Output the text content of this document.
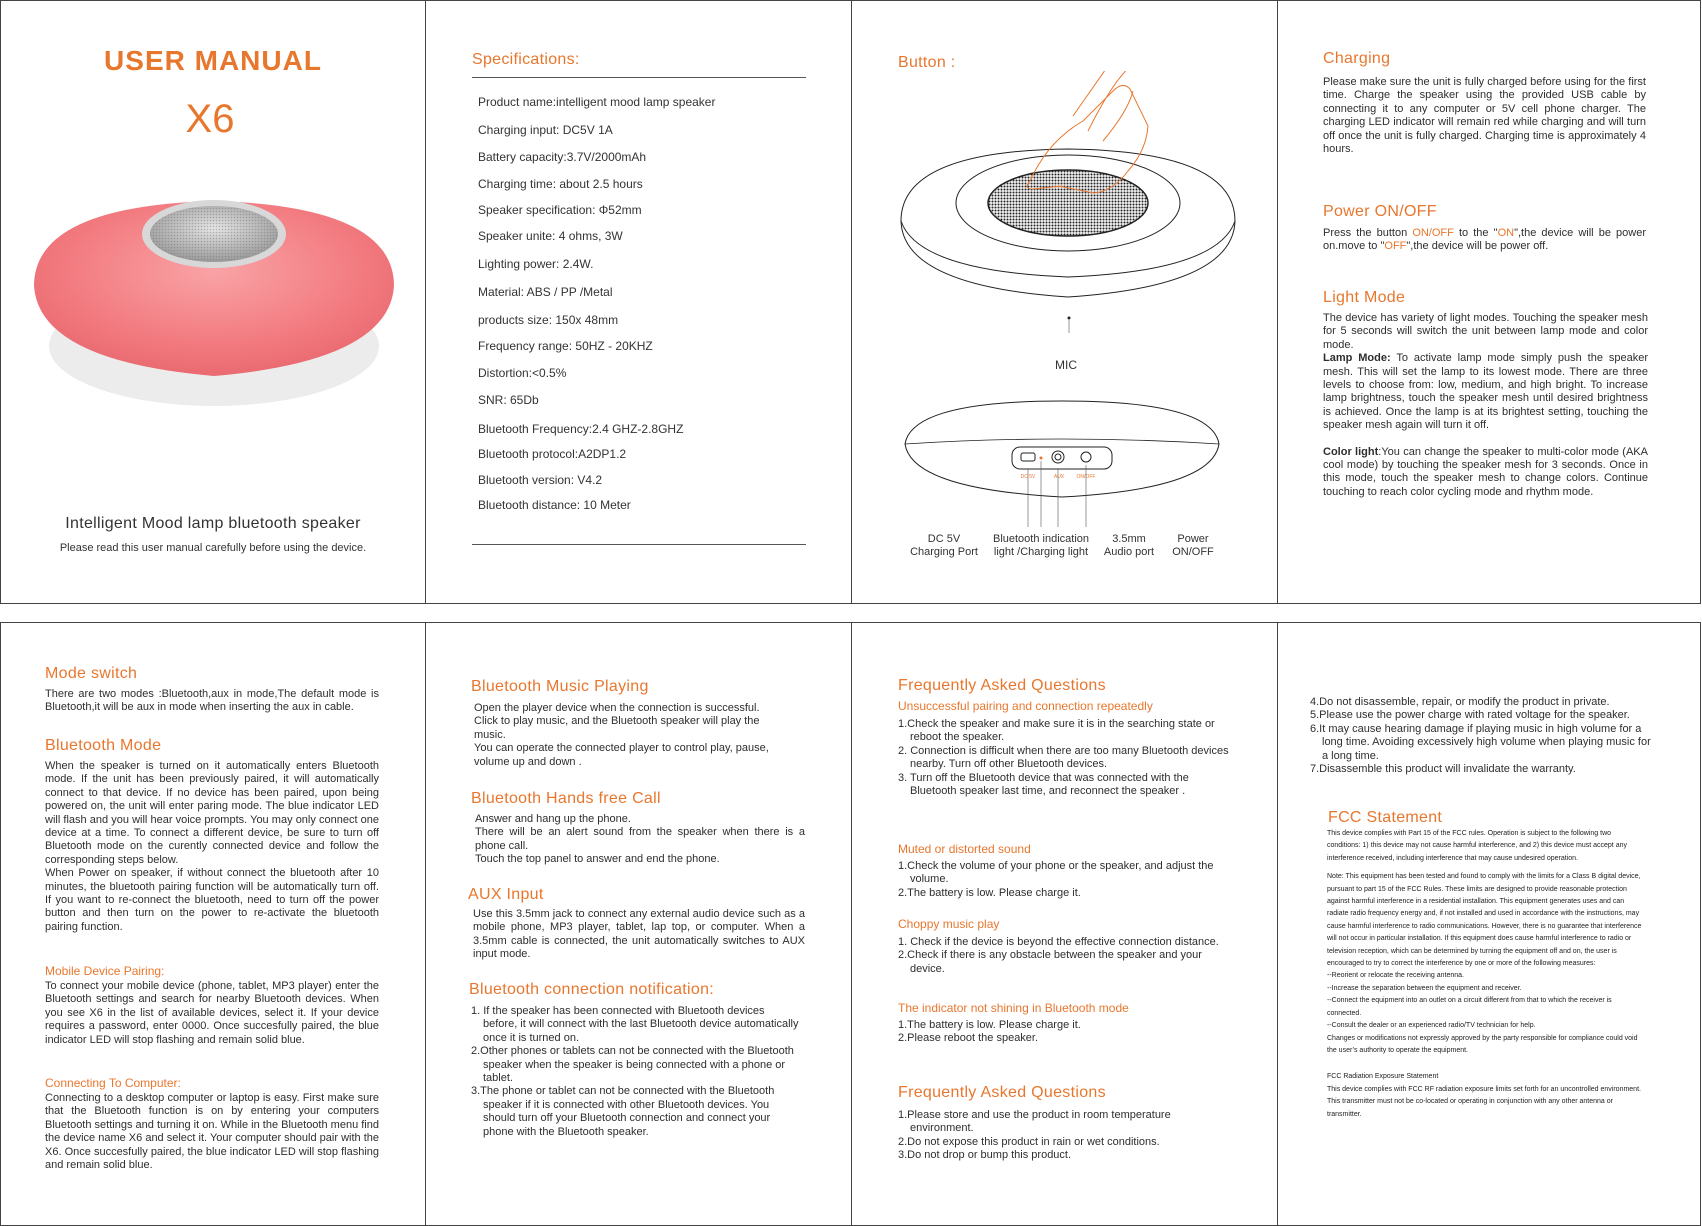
USER MANUAL
X6
Intelligent Mood lamp bluetooth speaker
Please read this user manual carefully before using the device.
Specifications:
Product name:intelligent mood lamp speaker
Charging input: DC5V 1A
Battery capacity:3.7V/2000mAh
Charging time: about 2.5 hours
Speaker specification: Φ52mm
Speaker unite: 4 ohms, 3W
Lighting power: 2.4W.
Material: ABS / PP /Metal
products size: 150x 48mm
Frequency range: 50HZ - 20KHZ
Distortion:<0.5%
SNR: 65Db
Bluetooth Frequency:2.4 GHZ-2.8GHZ
Bluetooth protocol:A2DP1.2
Bluetooth version: V4.2
Bluetooth distance: 10 Meter
Button :
MIC
DC 5V	AUX ON/OFF
DC 5V
Charging Port
Bluetooth indication
light /Charging light
3.5mm
Audio port
Power
ON/OFF
Charging
Please make sure the unit is fully charged before using for the first time. Charge the speaker using the provided USB cable by connecting it to any computer or 5V cell phone charger. The charging LED indicator will remain red while charging and will turn off once the unit is fully charged. Charging time is approximately 4 hours.
Power ON/OFF
Press the button ON/OFF to the "ON",the device will be power on.move to "OFF",the device will be power off.
Light Mode
The device has variety of light modes. Touching the speaker mesh for 5 seconds will switch the unit between lamp mode and color mode.
Lamp Mode: To activate lamp mode simply push the speaker mesh. This will set the lamp to its lowest mode. There are three levels to choose from: low, medium, and high bright. To increase lamp brightness, touch the speaker mesh until desired brightness is achieved. Once the lamp is at its brightest setting, touching the speaker mesh again will turn it off.
Color light:You can change the speaker to multi-color mode (AKA cool mode) by touching the speaker mesh for 3 seconds. Once in this mode, touch the speaker mesh to change colors. Continue touching to reach color cycling mode and rhythm mode.
Mode switch
There are two modes :Bluetooth,aux in mode,The default mode is Bluetooth,it will be aux in mode when inserting the aux in cable.
Bluetooth Mode
When the speaker is turned on it automatically enters Bluetooth mode. If the unit has been previously paired, it will automatically connect to that device. If no device has been paired, upon being powered on, the unit will enter paring mode. The blue indicator LED will flash and you will hear voice prompts. You may only connect one device at a time. To connect a different device, be sure to turn off Bluetooth mode on the curently connected device and follow the corresponding steps below.
When Power on speaker, if without connect the bluetooth after 10 minutes, the bluetooth pairing function will be automatically turn off. If you want to re-connect the bluetooth, need to turn off the power button and then turn on the power to re-activate the bluetooth pairing function.
Mobile Device Pairing:
To connect your mobile device (phone, tablet, MP3 player) enter the Bluetooth settings and search for nearby Bluetooth devices. When you see X6 in the list of available devices, select it. If your device requires a password, enter 0000. Once succesfully paired, the blue indicator LED will stop flashing and remain solid blue.
Connecting To Computer:
Connecting to a desktop computer or laptop is easy. First make sure that the Bluetooth function is on by entering your computers Bluetooth settings and turning it on. While in the Bluetooth menu find the device name X6 and select it. Your computer should pair with the X6. Once succesfully paired, the blue indicator LED will stop flashing and remain solid blue.
Bluetooth Music Playing
Open the player device when the connection is successful. Click to play music, and the Bluetooth speaker will play the music.
You can operate the connected player to control play, pause, volume up and down .
Bluetooth Hands free Call
Answer and hang up the phone.
There will be an alert sound from the speaker when there is a phone call.
Touch the top panel to answer and end the phone.
AUX Input
Use this 3.5mm jack to connect any external audio device such as a mobile phone, MP3 player, tablet, lap top, or computer. When a 3.5mm cable is connected, the unit automatically switches to AUX input mode.
Bluetooth connection notification:
1. If the speaker has been connected with Bluetooth devices before, it will connect with the last Bluetooth device automatically once it is turned on.
2.Other phones or tablets can not be connected with the Bluetooth speaker when the speaker is being connected with a phone or tablet.
3.The phone or tablet can not be connected with the Bluetooth speaker if it is connected with other Bluetooth devices. You should turn off your Bluetooth connection and connect your phone with the Bluetooth speaker.
Frequently Asked Questions
Unsuccessful pairing and connection repeatedly
1.Check the speaker and make sure it is in the searching state or reboot the speaker.
2. Connection is difficult when there are too many Bluetooth devices nearby. Turn off other Bluetooth devices.
3. Turn off the Bluetooth device that was connected with the Bluetooth speaker last time, and reconnect the speaker .
Muted or distorted sound
1.Check the volume of your phone or the speaker, and adjust the volume.
2.The battery is low. Please charge it.
Choppy music play
1. Check if the device is beyond the effective connection distance.
2.Check if there is any obstacle between the speaker and your device.
The indicator not shining in Bluetooth mode
1.The battery is low. Please charge it.
2.Please reboot the speaker.
Frequently Asked Questions
1.Please store and use the product in room temperature environment.
2.Do not expose this product in rain or wet conditions.
3.Do not drop or bump this product.
4.Do not disassemble, repair, or modify the product in private.
5.Please use the power charge with rated voltage for the speaker.
6.It may cause hearing damage if playing music in high volume for a long time. Avoiding excessively high volume when playing music for a long time.
7.Disassemble this product will invalidate the warranty.
FCC Statement
This device complies with Part 15 of the FCC rules. Operation is subject to the following two conditions: 1) this device may not cause harmful interference, and 2) this device must accept any interference received, including interference that may cause undesired operation.
Note: This equipment has been tested and found to comply with the limits for a Class B digital device, pursuant to part 15 of the FCC Rules. These limits are designed to provide reasonable protection against harmful interference in a residential installation. This equipment generates uses and can radiate radio frequency energy and, if not installed and used in accordance with the instructions, may cause harmful interference to radio communications. However, there is no guarantee that interference will not occur in particular installation. If this equipment does cause harmful interference to radio or television reception, which can be determined by turning the equipment off and on, the user is encouraged to try to correct the interference by one or more of the following measures:
--Reorient or relocate the receiving antenna.
--Increase the separation between the equipment and receiver.
--Connect the equipment into an outlet on a circuit different from that to which the receiver is connected.
--Consult the dealer or an experienced radio/TV technician for help.
Changes or modifications not expressly approved by the party responsible for compliance could void the user’s authority to operate the equipment.
FCC Radiation Exposure Statement
This device complies with FCC RF radiation exposure limits set forth for an uncontrolled environment. This transmitter must not be co-located or operating in conjunction with any other antenna or transmitter.
